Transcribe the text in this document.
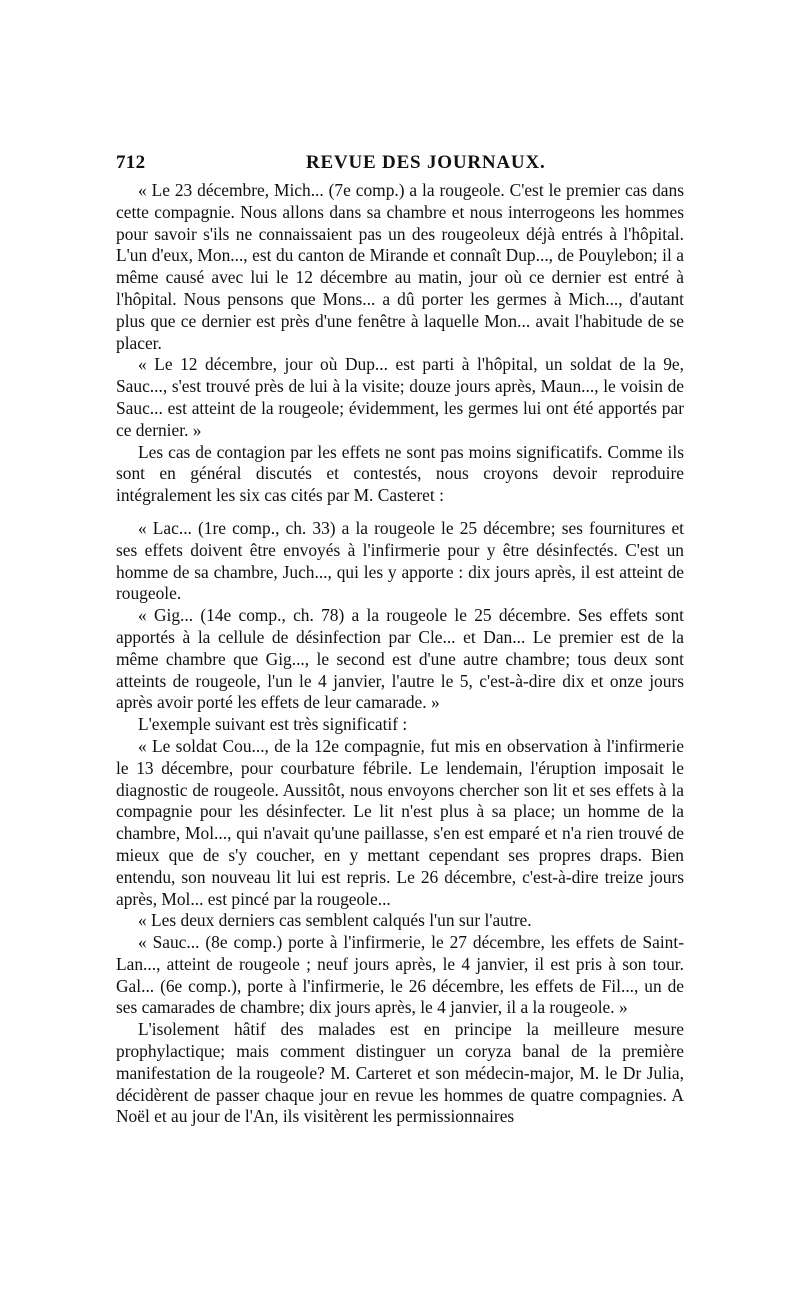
712	REVUE DES JOURNAUX.

« Le 23 décembre, Mich... (7e comp.) a la rougeole. C'est le premier cas dans cette compagnie. Nous allons dans sa chambre et nous interrogeons les hommes pour savoir s'ils ne connaissaient pas un des rougeoleux déjà entrés à l'hôpital. L'un d'eux, Mon..., est du canton de Mirande et connaît Dup..., de Pouylebon; il a même causé avec lui le 12 décembre au matin, jour où ce dernier est entré à l'hôpital. Nous pensons que Mons... a dû porter les germes à Mich..., d'autant plus que ce dernier est près d'une fenêtre à laquelle Mon... avait l'habitude de se placer.

« Le 12 décembre, jour où Dup... est parti à l'hôpital, un soldat de la 9e, Sauc..., s'est trouvé près de lui à la visite; douze jours après, Maun..., le voisin de Sauc... est atteint de la rougeole; évidemment, les germes lui ont été apportés par ce dernier. »

Les cas de contagion par les effets ne sont pas moins significatifs. Comme ils sont en général discutés et contestés, nous croyons devoir reproduire intégralement les six cas cités par M. Casteret :

« Lac... (1re comp., ch. 33) a la rougeole le 25 décembre; ses fournitures et ses effets doivent être envoyés à l'infirmerie pour y être désinfectés. C'est un homme de sa chambre, Juch..., qui les y apporte : dix jours après, il est atteint de rougeole.

« Gig... (14e comp., ch. 78) a la rougeole le 25 décembre. Ses effets sont apportés à la cellule de désinfection par Cle... et Dan... Le premier est de la même chambre que Gig..., le second est d'une autre chambre; tous deux sont atteints de rougeole, l'un le 4 janvier, l'autre le 5, c'est-à-dire dix et onze jours après avoir porté les effets de leur camarade. »

L'exemple suivant est très significatif :

« Le soldat Cou..., de la 12e compagnie, fut mis en observation à l'infirmerie le 13 décembre, pour courbature fébrile. Le lendemain, l'éruption imposait le diagnostic de rougeole. Aussitôt, nous envoyons chercher son lit et ses effets à la compagnie pour les désinfecter. Le lit n'est plus à sa place; un homme de la chambre, Mol..., qui n'avait qu'une paillasse, s'en est emparé et n'a rien trouvé de mieux que de s'y coucher, en y mettant cependant ses propres draps. Bien entendu, son nouveau lit lui est repris. Le 26 décembre, c'est-à-dire treize jours après, Mol... est pincé par la rougeole...

« Les deux derniers cas semblent calqués l'un sur l'autre.

« Sauc... (8e comp.) porte à l'infirmerie, le 27 décembre, les effets de Saint-Lan..., atteint de rougeole ; neuf jours après, le 4 janvier, il est pris à son tour. Gal... (6e comp.), porte à l'infirmerie, le 26 décembre, les effets de Fil..., un de ses camarades de chambre; dix jours après, le 4 janvier, il a la rougeole. »

L'isolement hâtif des malades est en principe la meilleure mesure prophylactique; mais comment distinguer un coryza banal de la première manifestation de la rougeole? M. Carteret et son médecin-major, M. le Dr Julia, décidèrent de passer chaque jour en revue les hommes de quatre compagnies. A Noël et au jour de l'An, ils visitèrent les permissionnaires
